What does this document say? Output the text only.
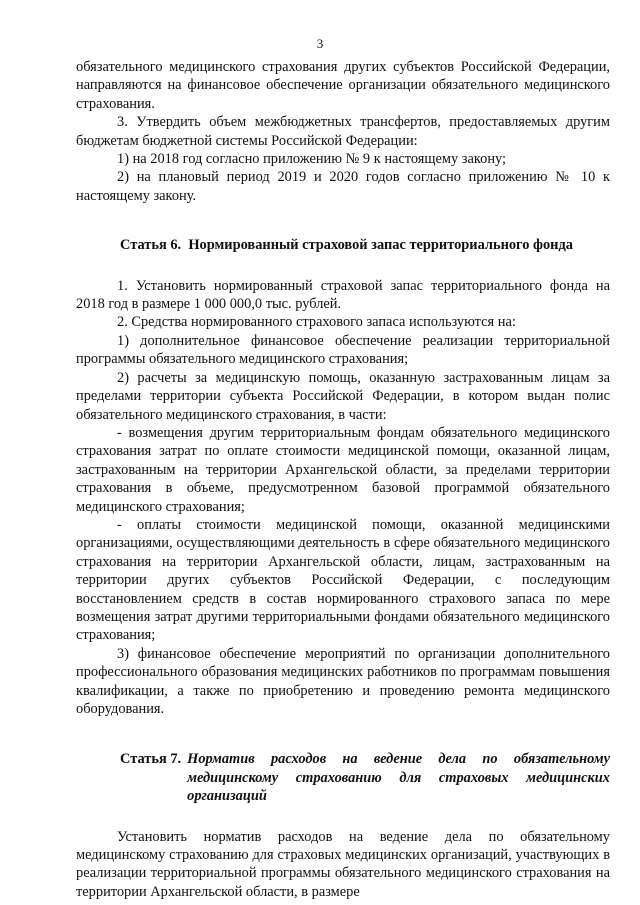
3

обязательного медицинского страхования других субъектов Российской Федерации, направляются на финансовое обеспечение организации обязательного медицинского страхования.

3. Утвердить объем межбюджетных трансфертов, предоставляемых другим бюджетам бюджетной системы Российской Федерации:

1) на 2018 год согласно приложению № 9 к настоящему закону;

2) на плановый период 2019 и 2020 годов согласно приложению № 10 к настоящему закону.

Статья 6. Нормированный страховой запас территориального фонда

1. Установить нормированный страховой запас территориального фонда на 2018 год в размере 1 000 000,0 тыс. рублей.

2. Средства нормированного страхового запаса используются на:

1) дополнительное финансовое обеспечение реализации территориальной программы обязательного медицинского страхования;

2) расчеты за медицинскую помощь, оказанную застрахованным лицам за пределами территории субъекта Российской Федерации, в котором выдан полис обязательного медицинского страхования, в части:

- возмещения другим территориальным фондам обязательного медицинского страхования затрат по оплате стоимости медицинской помощи, оказанной лицам, застрахованным на территории Архангельской области, за пределами территории страхования в объеме, предусмотренном базовой программой обязательного медицинского страхования;

- оплаты стоимости медицинской помощи, оказанной медицинскими организациями, осуществляющими деятельность в сфере обязательного медицинского страхования на территории Архангельской области, лицам, застрахованным на территории других субъектов Российской Федерации, с последующим восстановлением средств в состав нормированного страхового запаса по мере возмещения затрат другими территориальными фондами обязательного медицинского страхования;

3) финансовое обеспечение мероприятий по организации дополнительного профессионального образования медицинских работников по программам повышения квалификации, а также по приобретению и проведению ремонта медицинского оборудования.

Статья 7. Норматив расходов на ведение дела по обязательному медицинскому страхованию для страховых медицинских организаций

Установить норматив расходов на ведение дела по обязательному медицинскому страхованию для страховых медицинских организаций, участвующих в реализации территориальной программы обязательного медицинского страхования на территории Архангельской области, в размере
